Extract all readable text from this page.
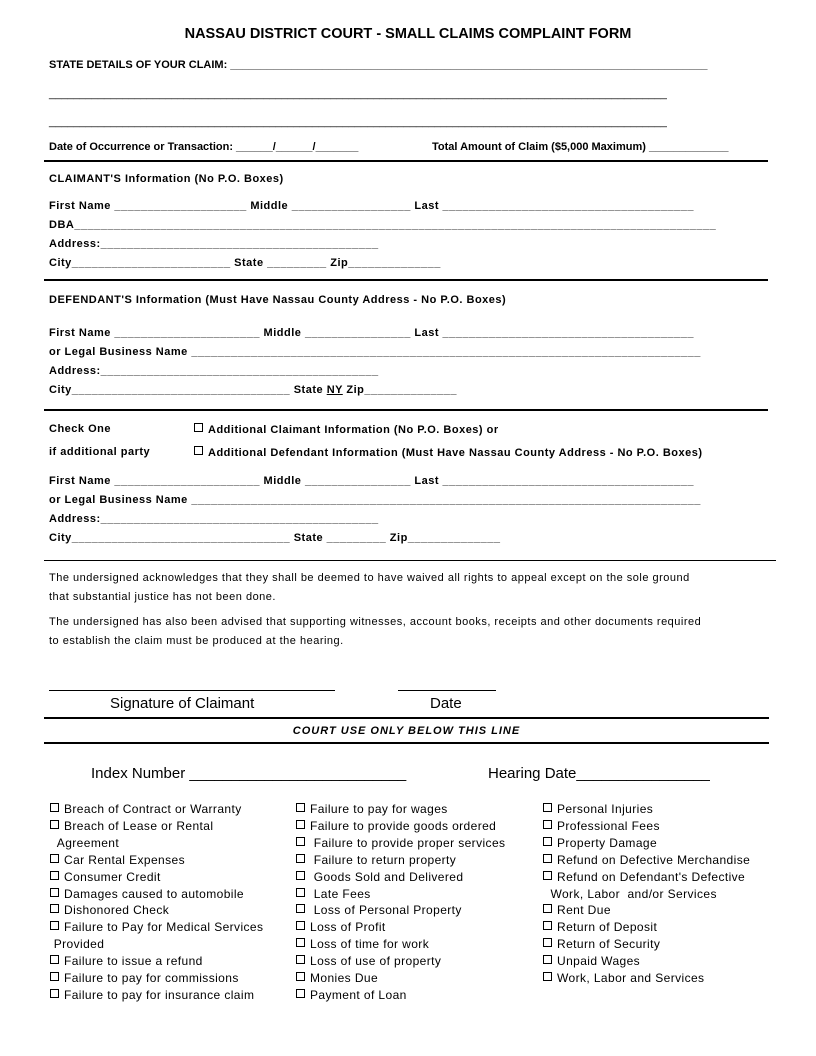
NASSAU DISTRICT COURT - SMALL CLAIMS COMPLAINT FORM
STATE DETAILS OF YOUR CLAIM: ______________________________________________________________________________
_____________________________________________________________________________________________________
_____________________________________________________________________________________________________
Date of Occurrence or Transaction: ______/______/_______	Total Amount of Claim ($5,000 Maximum) _____________
CLAIMANT'S Information (No P.O. Boxes)
First Name ____________________ Middle __________________ Last ______________________________________
DBA_________________________________________________________________________________________________
Address:__________________________________________
City________________________ State _________ Zip______________
DEFENDANT'S Information (Must Have Nassau County Address - No P.O. Boxes)
First Name ______________________ Middle ________________ Last ______________________________________
or Legal Business Name _____________________________________________________________________________
Address:__________________________________________
City_________________________________ State NY Zip______________
Check One
if additional party
Additional Claimant Information (No P.O. Boxes) or
Additional Defendant Information (Must Have Nassau County Address - No P.O. Boxes)
First Name ______________________ Middle ________________ Last ______________________________________
or Legal Business Name _____________________________________________________________________________
Address:__________________________________________
City_________________________________ State _________ Zip______________
The undersigned acknowledges that they shall be deemed to have waived all rights to appeal except on the sole ground
that substantial justice has not been done.
The undersigned has also been advised that supporting witnesses, account books, receipts and other documents required
to establish the claim must be produced at the hearing.
Signature of Claimant	Date
COURT USE ONLY BELOW THIS LINE
Index Number __________________________	Hearing Date________________
Breach of Contract or Warranty
Breach of Lease or Rental
Agreement
Car Rental Expenses
Consumer Credit
Damages caused to automobile
Dishonored Check
Failure to Pay for Medical Services
Provided
Failure to issue a refund
Failure to pay for commissions
Failure to pay for insurance claim
Failure to pay for wages
Failure to provide goods ordered
Failure to provide proper services
Failure to return property
Goods Sold and Delivered
Late Fees
Loss of Personal Property
Loss of Profit
Loss of time for work
Loss of use of property
Monies Due
Payment of Loan
Personal Injuries
Professional Fees
Property Damage
Refund on Defective Merchandise
Refund on Defendant's Defective
Work, Labor  and/or Services
Rent Due
Return of Deposit
Return of Security
Unpaid Wages
Work, Labor and Services
